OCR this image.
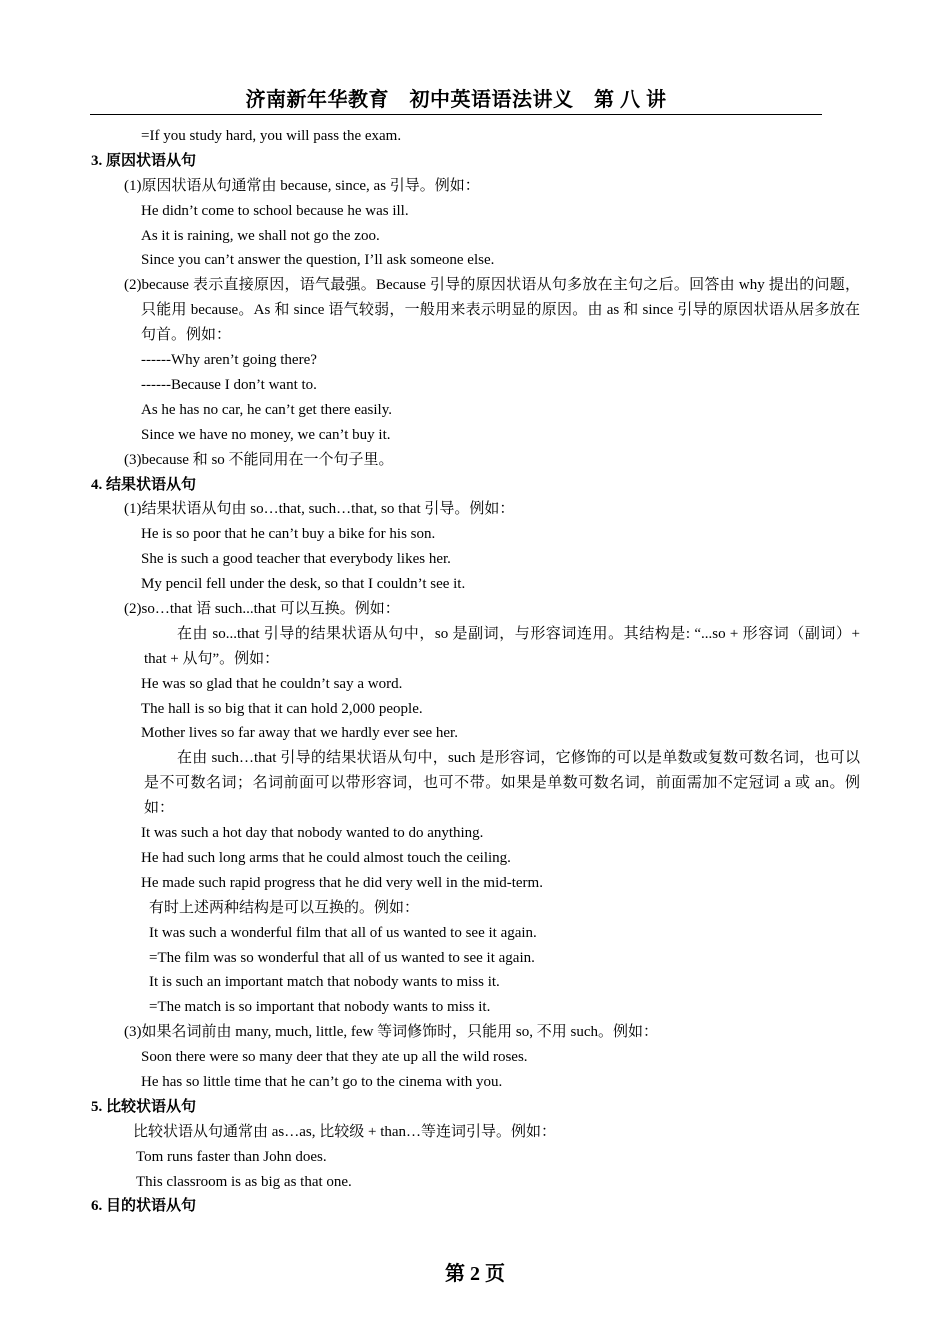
济南新年华教育　初中英语语法讲义　第 八 讲
=If you study hard, you will pass the exam.
3. 原因状语从句
(1)原因状语从句通常由 because, since, as 引导。例如：
He didn’t come to school because he was ill.
As it is raining, we shall not go the zoo.
Since you can’t answer the question, I’ll ask someone else.
(2)because 表示直接原因，语气最强。Because 引导的原因状语从句多放在主句之后。回答由 why 提出的问题，只能用 because。As 和 since 语气较弱，一般用来表示明显的原因。由 as 和 since 引导的原因状语从居多放在句首。例如：
------Why aren’t going there?
------Because I don’t want to.
As he has no car, he can’t get there easily.
Since we have no money, we can’t buy it.
(3)because 和 so 不能同用在一个句子里。
4. 结果状语从句
(1)结果状语从句由 so…that, such…that, so that 引导。例如：
He is so poor that he can’t buy a bike for his son.
She is such a good teacher that everybody likes her.
My pencil fell under the desk, so that I couldn’t see it.
(2)so…that 语 such...that 可以互换。例如：
在由 so...that 引导的结果状语从句中，so 是副词，与形容词连用。其结构是: “...so + 形容词（副词）+ that + 从句”。例如：
He was so glad that he couldn’t say a word.
The hall is so big that it can hold 2,000 people.
Mother lives so far away that we hardly ever see her.
在由 such…that 引导的结果状语从句中，such 是形容词，它修饰的可以是单数或复数可数名词，也可以是不可数名词；名词前面可以带形容词，也可不带。如果是单数可数名词，前面需加不定冠词 a 或 an。例如：
It was such a hot day that nobody wanted to do anything.
He had such long arms that he could almost touch the ceiling.
He made such rapid progress that he did very well in the mid-term.
有时上述两种结构是可以互换的。例如：
It was such a wonderful film that all of us wanted to see it again.
=The film was so wonderful that all of us wanted to see it again.
It is such an important match that nobody wants to miss it.
=The match is so important that nobody wants to miss it.
(3)如果名词前由 many, much, little, few 等词修饰时，只能用 so, 不用 such。例如：
Soon there were so many deer that they ate up all the wild roses.
He has so little time that he can’t go to the cinema with you.
5. 比较状语从句
比较状语从句通常由 as…as, 比较级 + than…等连词引导。例如：
Tom runs faster than John does.
This classroom is as big as that one.
6. 目的状语从句
第 2 页
